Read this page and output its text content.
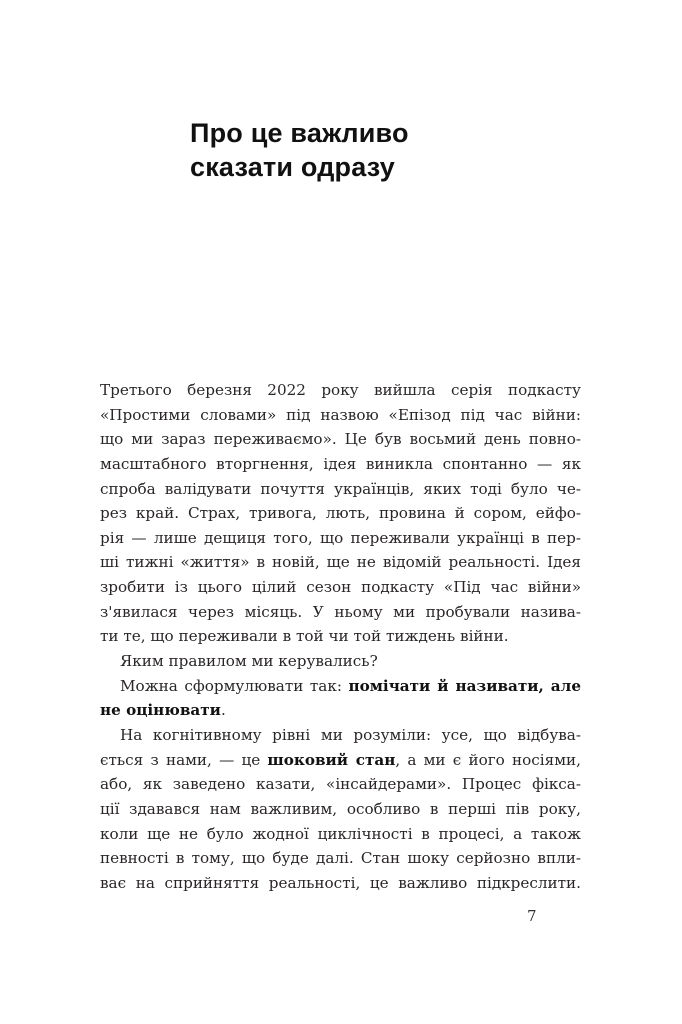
Про це важливо
сказати одразу
Третього березня 2022 року вийшла серія подкасту
«Простими словами» під назвою «Епізод під час війни:
що ми зараз переживаємо». Це був восьмий день повно-
масштабного вторгнення, ідея виникла спонтанно — як
спроба валідувати почуття українців, яких тоді було че-
рез край. Страх, тривога, лють, провина й сором, ейфо-
рія — лише дещиця того, що переживали українці в пер-
ші тижні «життя» в новій, ще не відомій реальності. Ідея
зробити із цього цілий сезон подкасту «Під час війни»
з'явилася через місяць. У ньому ми пробували назива-
ти те, що переживали в той чи той тиждень війни.
Яким правилом ми керувались?
Можна сформулювати так: помічати й називати, але
не оцінювати.
На когнітивному рівні ми розуміли: усе, що відбува-
ється з нами, — це шоковий стан, а ми є його носіями,
або, як заведено казати, «інсайдерами». Процес фікса-
ції здавався нам важливим, особливо в перші пів року,
коли ще не було жодної циклічності в процесі, а також
певності в тому, що буде далі. Стан шоку серйозно впли-
ває на сприйняття реальності, це важливо підкреслити.
7
